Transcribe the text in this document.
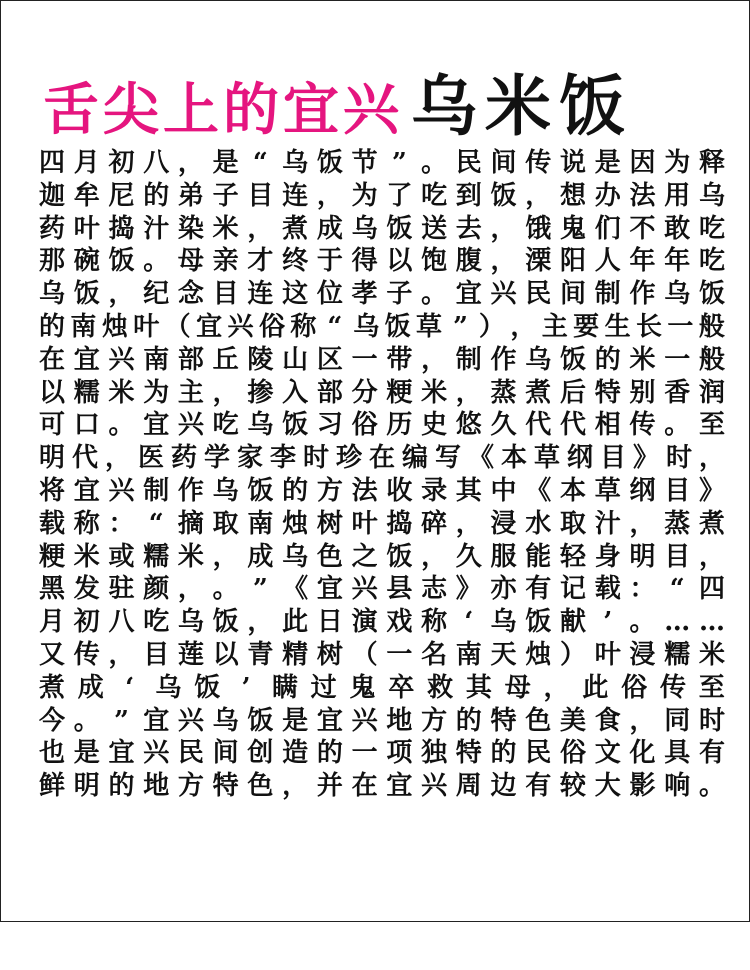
舌尖上的宜兴 乌米饭
四 月 初 八 ， 是 “ 乌 饭 节 ” 。 民 间 传 说 是 因 为 释
迦 牟 尼 的 弟 子 目 连 ， 为 了 吃 到 饭 ， 想 办 法 用 乌
药 叶 捣 汁 染 米 ， 煮 成 乌 饭 送 去 ， 饿 鬼 们 不 敢 吃
那 碗 饭 。 母 亲 才 终 于 得 以 饱 腹 ， 溧 阳 人 年 年 吃
乌 饭 ， 纪 念 目 连 这 位 孝 子 。 宜 兴 民 间 制 作 乌 饭
的 南 烛 叶 （ 宜 兴 俗 称 “ 乌 饭 草 ” ） ， 主 要 生 长 一 般
在 宜 兴 南 部 丘 陵 山 区 一 带 ， 制 作 乌 饭 的 米 一 般
以 糯 米 为 主 ， 掺 入 部 分 粳 米 ， 蒸 煮 后 特 别 香 润
可 口 。 宜 兴 吃 乌 饭 习 俗 历 史 悠 久 代 代 相 传 。 至
明 代 ， 医 药 学 家 李 时 珍 在 编 写 《 本 草 纲 目 》 时 ，
将 宜 兴 制 作 乌 饭 的 方 法 收 录 其 中 《 本 草 纲 目 》
载 称 ： “ 摘 取 南 烛 树 叶 捣 碎 ， 浸 水 取 汁 ， 蒸 煮
粳 米 或 糯 米 ， 成 乌 色 之 饭 ， 久 服 能 轻 身 明 目 ，
黑 发 驻 颜 ， 。 ” 《 宜 兴 县 志 》 亦 有 记 载 ： “ 四
月 初 八 吃 乌 饭 ， 此 日 演 戏 称 ‘ 乌 饭 献 ’ 。 … …
又 传 ， 目 莲 以 青 精 树 （ 一 名 南 天 烛 ） 叶 浸 糯 米
煮 成 ‘ 乌 饭 ’ 瞒 过 鬼 卒 救 其 母 ， 此 俗 传 至
今 。 ” 宜 兴 乌 饭 是 宜 兴 地 方 的 特 色 美 食 ， 同 时
也 是 宜 兴 民 间 创 造 的 一 项 独 特 的 民 俗 文 化 具 有
鲜 明 的 地 方 特 色 ， 并 在 宜 兴 周 边 有 较 大 影 响 。
